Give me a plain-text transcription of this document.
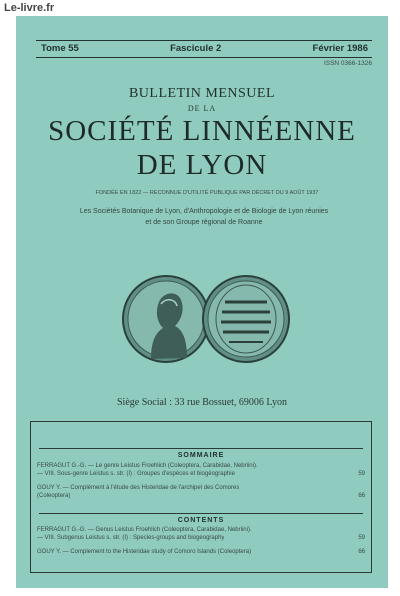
Le-livre.fr
Tome 55	Fascicule 2	Février 1986
ISSN 0366-1326
BULLETIN MENSUEL
DE LA
SOCIÉTÉ LINNÉENNE
DE LYON
FONDÉE EN 1822 — RECONNUE D'UTILITÉ PUBLIQUE PAR DÉCRET DU 9 AOÛT 1937
Les Sociétés Botanique de Lyon, d'Anthropologie et de Biologie de Lyon réunies
et de son Groupe régional de Roanne
Siège Social : 33 rue Bossuet, 69006 Lyon
SOMMAIRE
FERRAGUT G.-G. — Le genre Leistus Froehlich (Coleoptera, Carabidae, Nebriini).
— VIII. Sous-genre Leistus s. str. (I) : Groupes d'espèces et biogéographie	59
GOUY Y. — Complément à l'étude des Histeridae de l'archipel des Comores
(Coleoptera)	66
CONTENTS
FERRAGUT G.-G. — Genus Leistus Froehlich (Coleoptera, Carabidae, Nebriini).
— VIII. Subgenus Leistus s. str. (I) : Species-groups and biogeography	59
GOUY Y. — Complement to the Histeridae study of Comoro Islands (Coleoptera)	66
